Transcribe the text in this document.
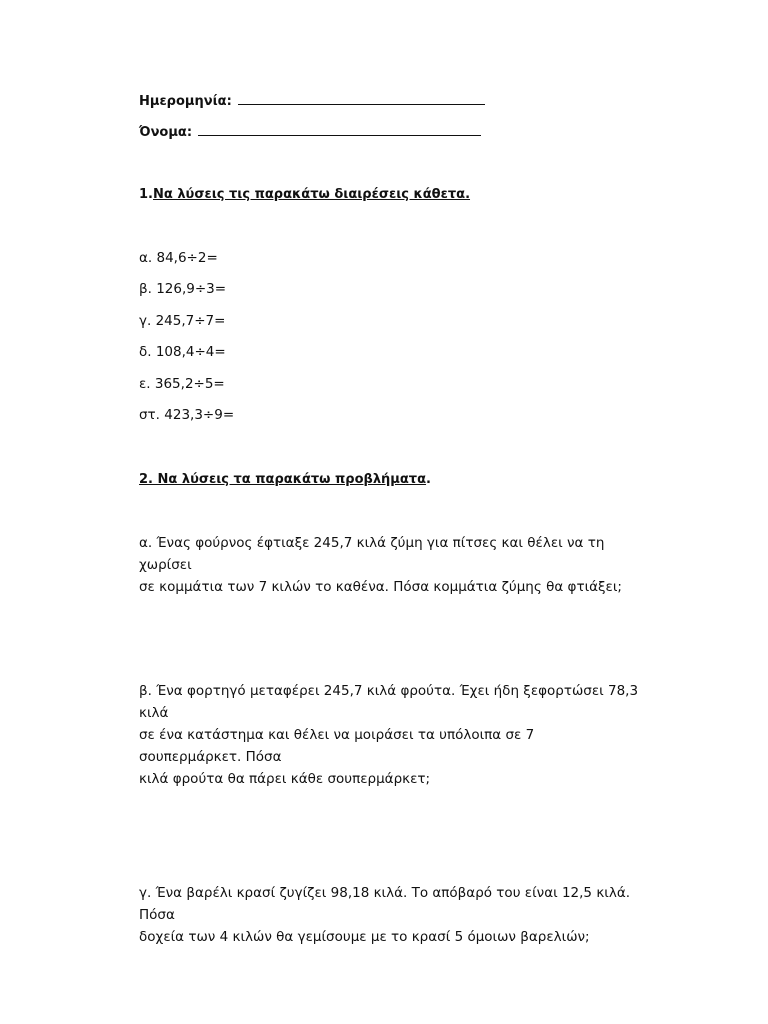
Ημερομηνία:
Όνομα:
1.Να λύσεις τις παρακάτω διαιρέσεις κάθετα.
α. 84,6÷2=
β. 126,9÷3=
γ. 245,7÷7=
δ. 108,4÷4=
ε. 365,2÷5=
στ. 423,3÷9=
2. Να λύσεις τα παρακάτω προβλήματα.
α. Ένας φούρνος έφτιαξε 245,7 κιλά ζύμη για πίτσες και θέλει να τη χωρίσει
σε κομμάτια των 7 κιλών το καθένα. Πόσα κομμάτια ζύμης θα φτιάξει;
β. Ένα φορτηγό μεταφέρει 245,7 κιλά φρούτα. Έχει ήδη ξεφορτώσει 78,3 κιλά
σε ένα κατάστημα και θέλει να μοιράσει τα υπόλοιπα σε 7 σουπερμάρκετ. Πόσα
κιλά φρούτα θα πάρει κάθε σουπερμάρκετ;
γ. Ένα βαρέλι κρασί ζυγίζει 98,18 κιλά. Το απόβαρό του είναι 12,5 κιλά. Πόσα
δοχεία των 4 κιλών θα γεμίσουμε με το κρασί 5 όμοιων βαρελιών;
